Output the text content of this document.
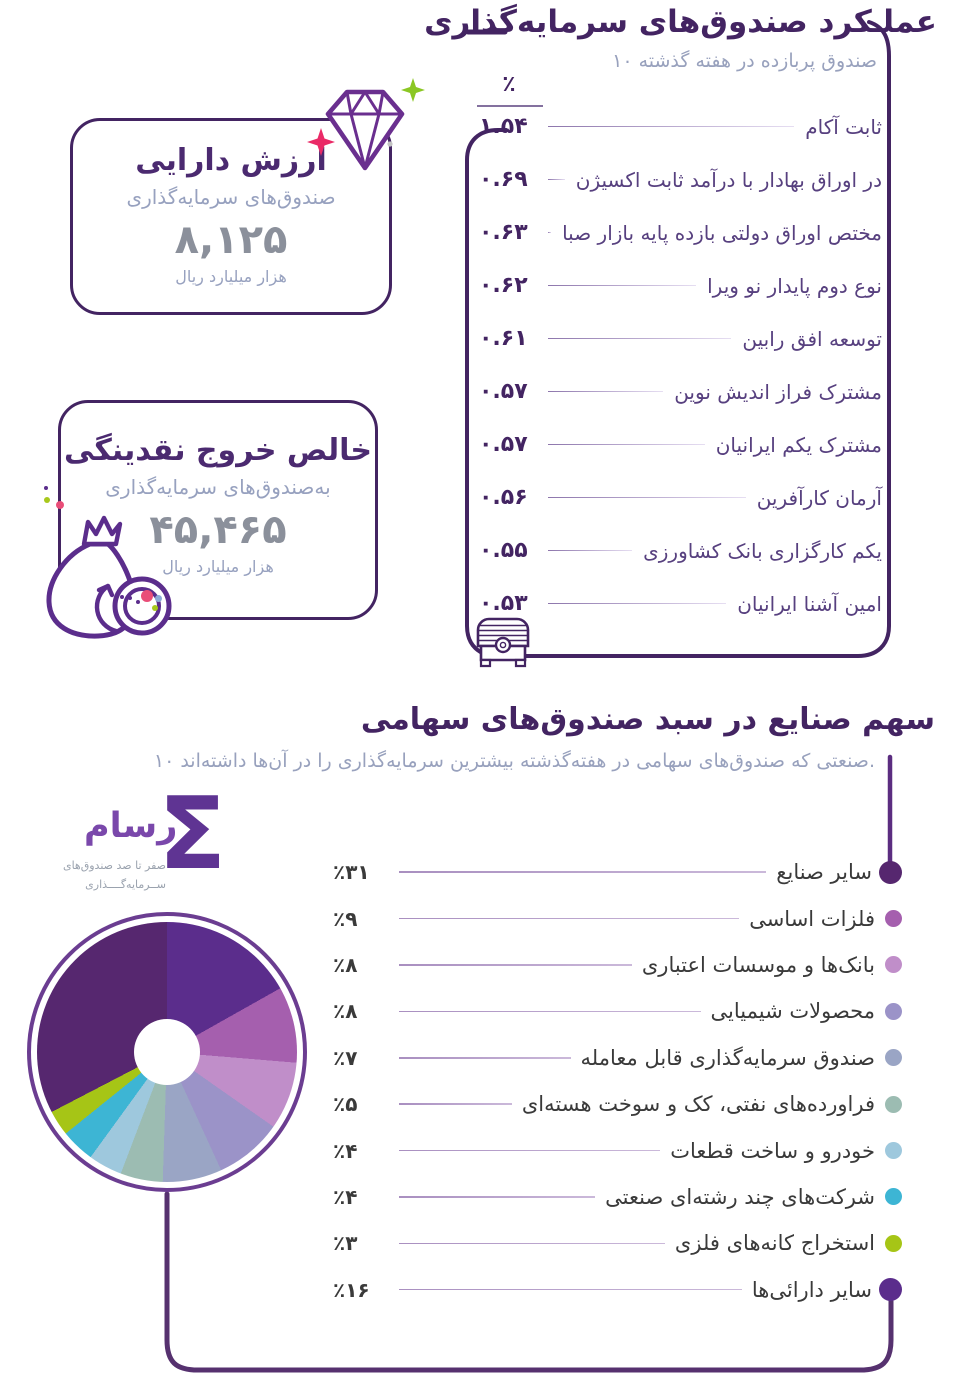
عملـکرد صندوق‌های سرمایه‌گذاری
۱۰ صندوق پربازده در هفته گذشته
٪
ثابت آکام
۱.۵۴
در اوراق بهادار با درآمد ثابت اکسیژن
۰.۶۹
مختص اوراق دولتی بازده پایه بازار صبا
۰.۶۳
نوع دوم پایدار نو ویرا
۰.۶۲
توسعه افق رابین
۰.۶۱
مشترک فراز اندیش نوین
۰.۵۷
مشترک یکم ایرانیان
۰.۵۷
آرمان کارآفرین
۰.۵۶
یکم کارگزاری بانک کشاورزی
۰.۵۵
امین آشنا ایرانیان
۰.۵۳
ارزش دارایی
صندوق‌های سرمایه‌گذاری
۸,۱۲۵
هزار میلیارد ریال
خالص خروج نقدینگی
به‌صندوق‌های سرمایه‌گذاری
۴۵,۴۶۵
هزار میلیارد ریال
سهم صنایع در سبد صندوق‌های سهامی
۱۰ صنعتی که صندوق‌های سهامی در هفته‌گذشته بیشترین سرمایه‌گذاری را در آن‌ها داشته‌اند.
Σ
رسام
صفر تا صد صندوق‌های
ســرمایه‌گــــذاری
سایر صنایع
٪۳۱
فلزات اساسی
٪۹
بانک‌ها و موسسات اعتباری
٪۸
محصولات شیمیایی
٪۸
صندوق سرمایه‌گذاری قابل معامله
٪۷
فراورده‌های نفتی، کک و سوخت هسته‌ای
٪۵
خودرو و ساخت قطعات
٪۴
شرکت‌های چند رشته‌ای صنعتی
٪۴
استخراج کانه‌های فلزی
٪۳
سایر دارائی‌ها
٪۱۶
